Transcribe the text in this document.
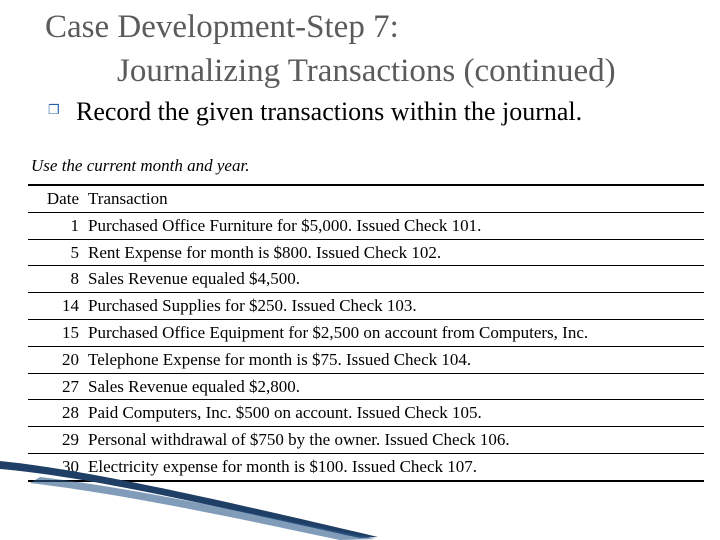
Case Development-Step 7:
Journalizing Transactions (continued)
❒ Record the given transactions within the journal.
Use the current month and year.
Date	Transaction
1	Purchased Office Furniture for $5,000. Issued Check 101.
5	Rent Expense for month is $800. Issued Check 102.
8	Sales Revenue equaled $4,500.
14	Purchased Supplies for $250. Issued Check 103.
15	Purchased Office Equipment for $2,500 on account from Computers, Inc.
20	Telephone Expense for month is $75. Issued Check 104.
27	Sales Revenue equaled $2,800.
28	Paid Computers, Inc. $500 on account. Issued Check 105.
29	Personal withdrawal of $750 by the owner. Issued Check 106.
30	Electricity expense for month is $100. Issued Check 107.
